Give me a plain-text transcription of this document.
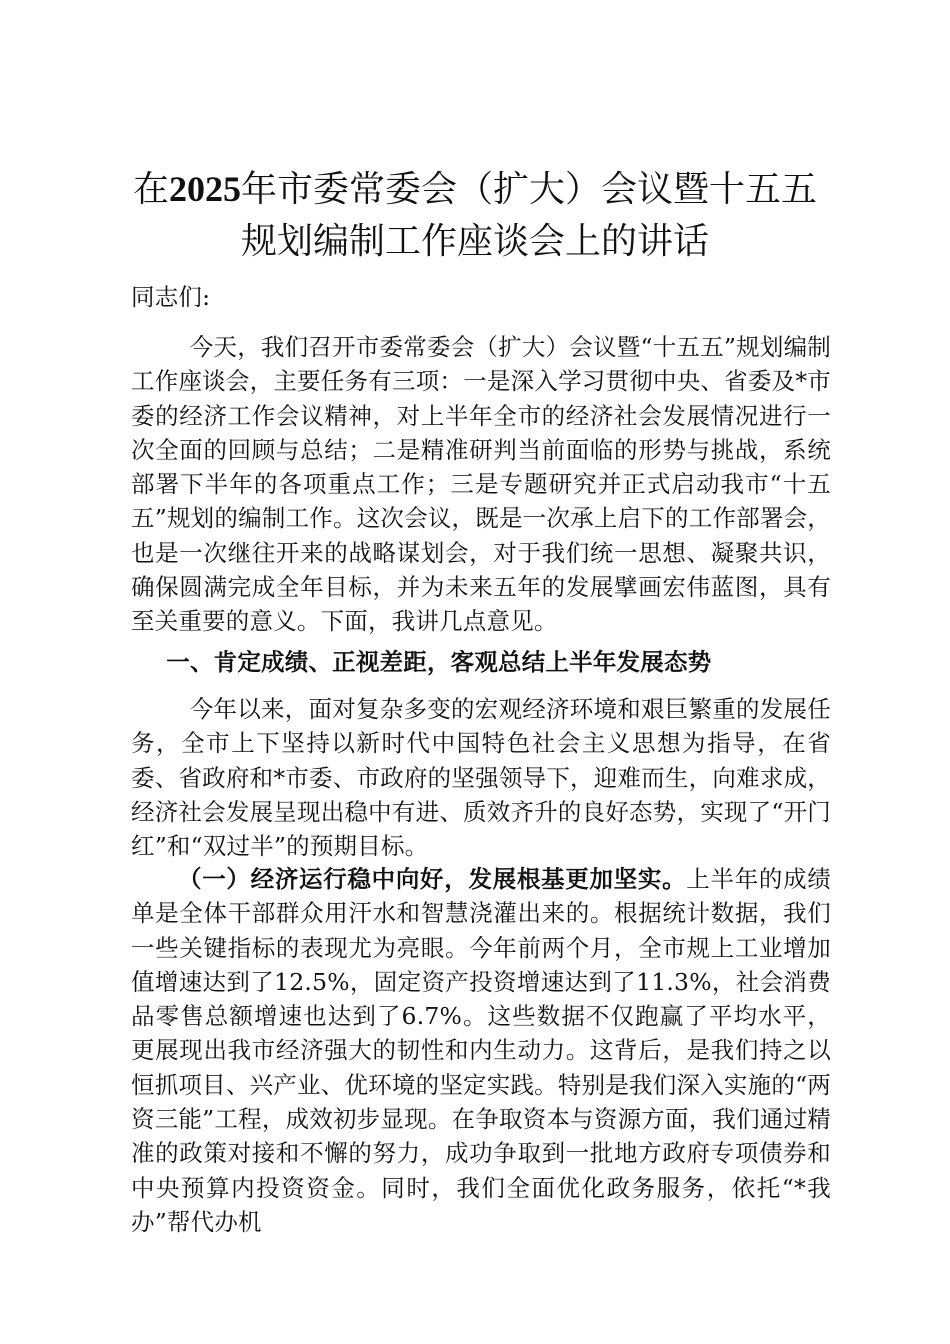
在2025年市委常委会（扩大）会议暨十五五
规划编制工作座谈会上的讲话
同志们:
今天，我们召开市委常委会（扩大）会议暨“十五五”规划编制工作座谈会，主要任务有三项：一是深入学习贯彻中央、省委及*市委的经济工作会议精神，对上半年全市的经济社会发展情况进行一次全面的回顾与总结；二是精准研判当前面临的形势与挑战，系统部署下半年的各项重点工作；三是专题研究并正式启动我市“十五五”规划的编制工作。这次会议，既是一次承上启下的工作部署会，也是一次继往开来的战略谋划会，对于我们统一思想、凝聚共识，确保圆满完成全年目标，并为未来五年的发展擘画宏伟蓝图，具有至关重要的意义。下面，我讲几点意见。
一、肯定成绩、正视差距，客观总结上半年发展态势
今年以来，面对复杂多变的宏观经济环境和艰巨繁重的发展任务，全市上下坚持以新时代中国特色社会主义思想为指导，在省委、省政府和*市委、市政府的坚强领导下，迎难而生，向难求成，经济社会发展呈现出稳中有进、质效齐升的良好态势，实现了“开门红”和“双过半”的预期目标。
（一）经济运行稳中向好，发展根基更加坚实。上半年的成绩单是全体干部群众用汗水和智慧浇灌出来的。根据统计数据，我们一些关键指标的表现尤为亮眼。今年前两个月，全市规上工业增加值增速达到了12.5%，固定资产投资增速达到了11.3%，社会消费品零售总额增速也达到了6.7%。这些数据不仅跑赢了平均水平，更展现出我市经济强大的韧性和内生动力。这背后，是我们持之以恒抓项目、兴产业、优环境的坚定实践。特别是我们深入实施的“两资三能”工程，成效初步显现。在争取资本与资源方面，我们通过精准的政策对接和不懈的努力，成功争取到一批地方政府专项债券和中央预算内投资资金。同时，我们全面优化政务服务，依托“*我办”帮代办机
